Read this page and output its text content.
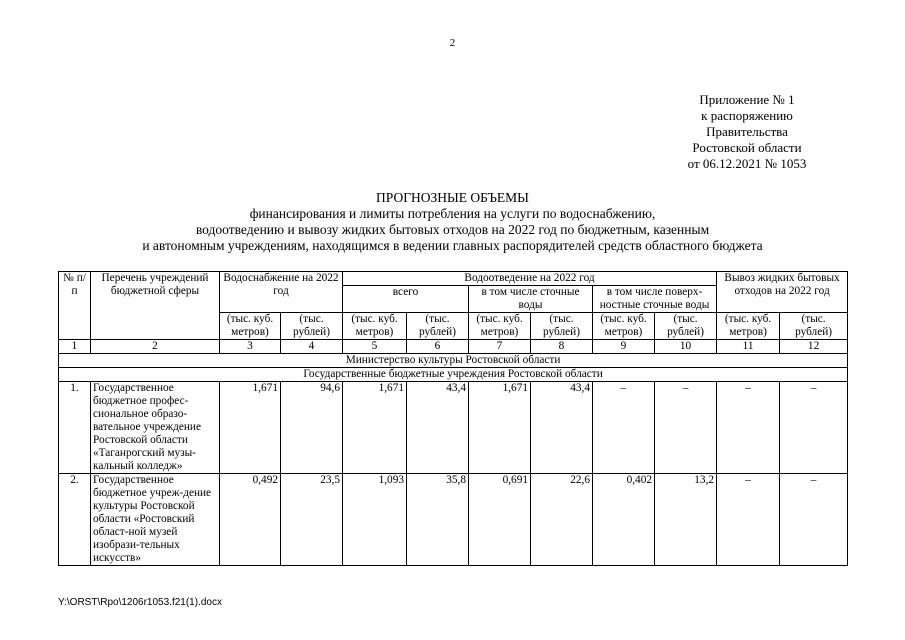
2
Приложение № 1
к распоряжению
Правительства
Ростовской области
от 06.12.2021 № 1053
ПРОГНОЗНЫЕ ОБЪЕМЫ
финансирования и лимиты потребления на услуги по водоснабжению,
водоотведению и вывозу жидких бытовых отходов на 2022 год по бюджетным, казенным
и автономным учреждениям, находящимся в ведении главных распорядителей средств областного бюджета
№ п/п	Перечень учреждений бюджетной сферы	Водоснабжение на 2022 год		Водоотведение на 2022 год						Вывоз жидких бытовых отходов на 2022 год	
				всего		в том числе сточные воды		в том числе поверх-ностные сточные воды			
		(тыс. куб. метров)	(тыс. рублей)	(тыс. куб. метров)	(тыс. рублей)	(тыс. куб. метров)	(тыс. рублей)	(тыс. куб. метров)	(тыс. рублей)	(тыс. куб. метров)	(тыс. рублей)
1	2	3	4	5	6	7	8	9	10	11	12
Министерство культуры Ростовской области											
Государственные бюджетные учреждения Ростовской области											
1.	Государственное бюджетное профес-сиональное образо-вательное учреждение Ростовской области «Таганрогский музы-кальный колледж»	1,671	94,6	1,671	43,4	1,671	43,4	–	–	–	–
2.	Государственное бюджетное учреж-дение культуры Ростовской области «Ростовский област-ной музей изобрази-тельных искусств»	0,492	23,5	1,093	35,8	0,691	22,6	0,402	13,2	–	–
Y:\ORST\Rpo\1206r1053.f21(1).docx
